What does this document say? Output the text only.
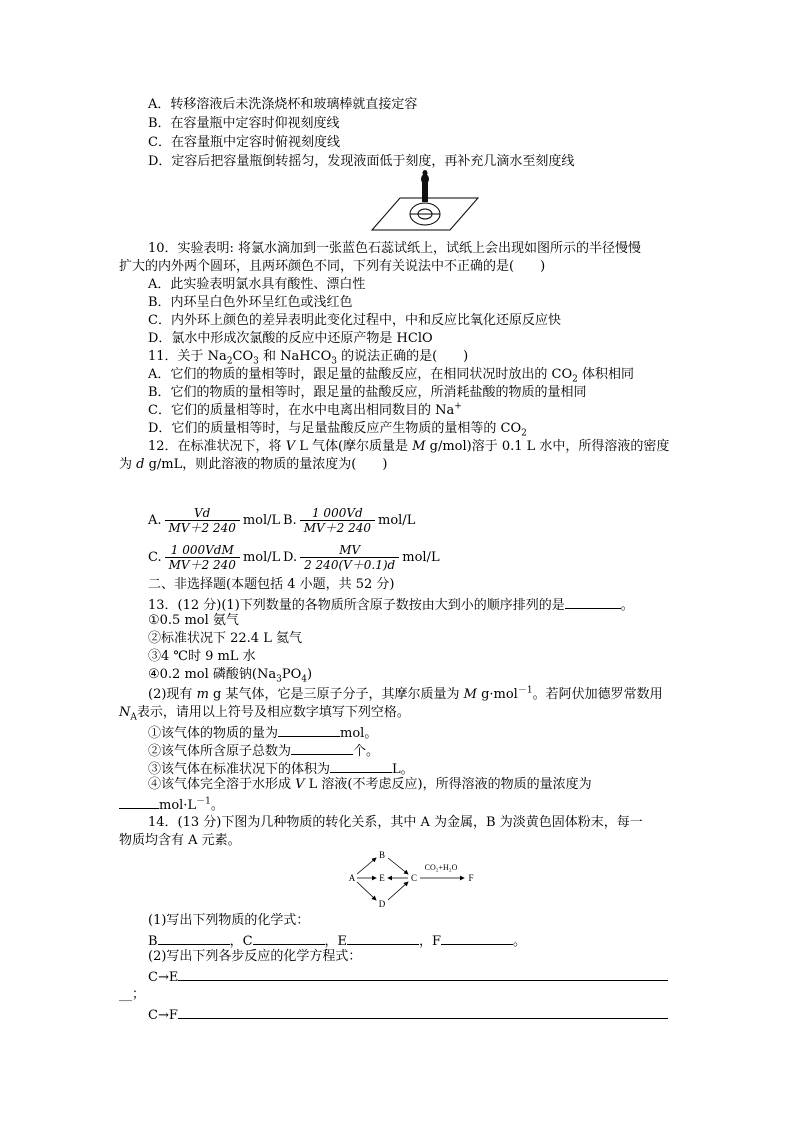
A．转移溶液后未洗涤烧杯和玻璃棒就直接定容
B．在容量瓶中定容时仰视刻度线
C．在容量瓶中定容时俯视刻度线
D．定容后把容量瓶倒转摇匀，发现液面低于刻度，再补充几滴水至刻度线
10．实验表明: 将氯水滴加到一张蓝色石蕊试纸上，试纸上会出现如图所示的半径慢慢
扩大的内外两个圆环，且两环颜色不同，下列有关说法中不正确的是(　　)
A．此实验表明氯水具有酸性、漂白性
B．内环呈白色外环呈红色或浅红色
C．内外环上颜色的差异表明此变化过程中，中和反应比氧化还原反应快
D．氯水中形成次氯酸的反应中还原产物是 HClO
11．关于 $Na_2CO_3$ 和 NaHCO$_3$ 的说法正确的是(　　)
A．它们的物质的量相等时，跟足量的盐酸反应，在相同状况时放出的 $CO_2$ 体积相同
B．它们的物质的量相等时，跟足量的盐酸反应，所消耗盐酸的物质的量相同
C．它们的质量相等时，在水中电离出相同数目的 Na+
D．它们的质量相等时，与足量盐酸反应产生物质的量相等的 $CO_2$
12．在标准状况下，将 V L 气体(摩尔质量是 M g/mol)溶于 0.1 L 水中，所得溶液的密度
为 d g/mL，则此溶液的物质的量浓度为(　　)
A. $\frac{Vd}{MV+2 240} mol/L$ B. $\frac{1 000Vd}{MV+2 240} mol/L$
C. $\frac{\text{1 000VdM}}{MV+2 240} mol/L$ D. $\frac{MV}{2 240(V+0.1)d} mol/L$
二、非选择题(本题包括 4 小题，共 52 分)
13．(12 分)(1)下列数量的各物质所含原子数按由大到小的顺序排列的是	。
①0.5 mol 氨气
②标准状况下 22.4 L 氦气
③4 ℃时 9 mL 水
④0.2 mol 磷酸钠$(Na_3PO_4)$
(2)现有 m g 某气体，它是三原子分子，其摩尔质量为 M g·mol$^{-1}$。若阿伏加德罗常数用
$N_A$表示，请用以上符号及相应数字填写下列空格。
①该气体的物质的量为	mol。
②该气体所含原子总数为	个。
③该气体在标准状况下的体积为	L。
④该气体完全溶于水形成 V L 溶液(不考虑反应)，所得溶液的物质的量浓度为
$mol\cdot L^{-1}$。
14．(13 分)下图为几种物质的转化关系，其中 A 为金属，B 为淡黄色固体粉末，每一
物质均含有 A 元素。
B
A	E	C	F
D
CO₂+H₂O
(1)写出下列物质的化学式：
B	，C	，E	，F	。
(2)写出下列各步反应的化学方程式：
C→E
__；
C→F
